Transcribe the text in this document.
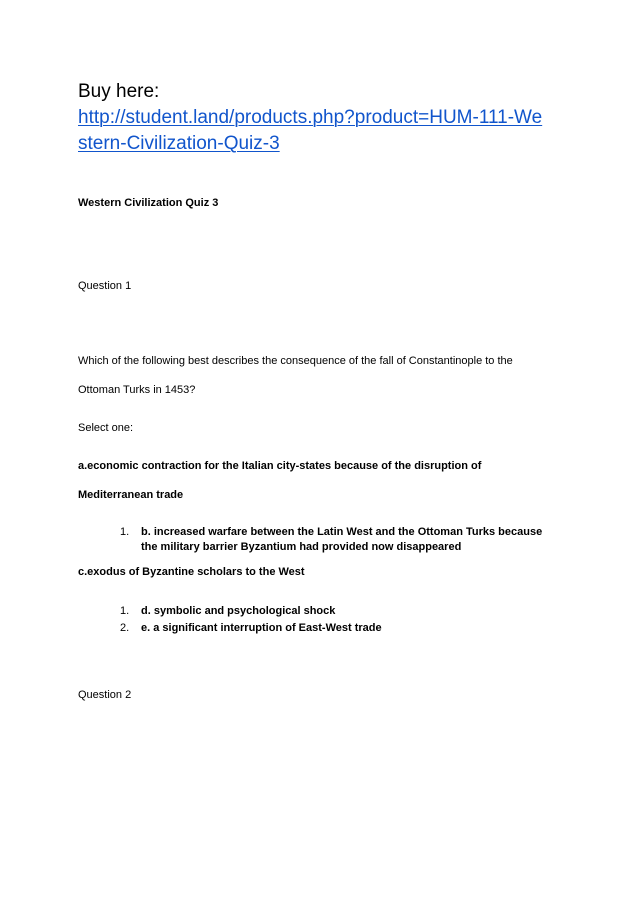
Buy here:
http://student.land/products.php?product=HUM-111-We
stern-Civilization-Quiz-3
Western Civilization Quiz 3
Question 1
Which of the following best describes the consequence of the fall of Constantinople to the
Ottoman Turks in 1453?
Select one:
a.economic contraction for the Italian city-states because of the disruption of
Mediterranean trade
1.	b. increased warfare between the Latin West and the Ottoman Turks because
the military barrier Byzantium had provided now disappeared
c.exodus of Byzantine scholars to the West
1.	d. symbolic and psychological shock
2.	e. a significant interruption of East-West trade
Question 2
